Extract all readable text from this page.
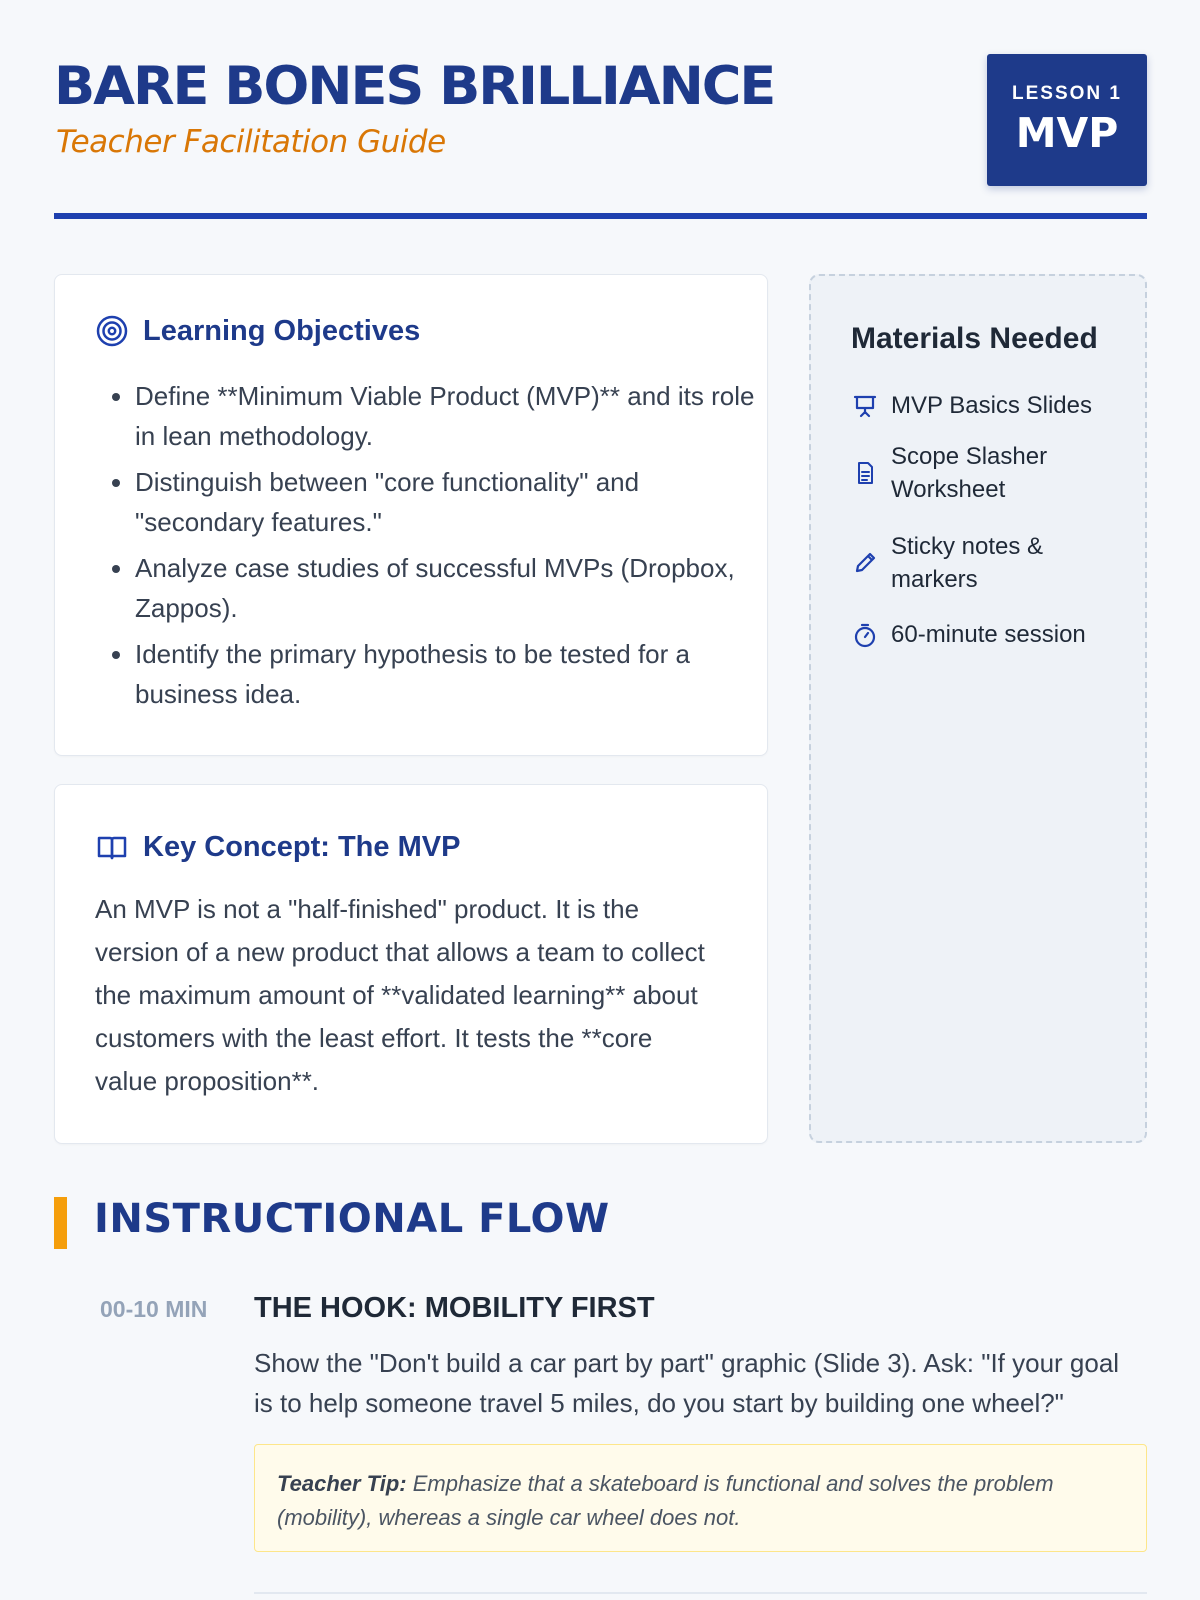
BARE BONES BRILLIANCE

Teacher Facilitation Guide

LESSON 1
MVP
Learning Objectives
• Define **Minimum Viable Product (MVP)** and its role in lean methodology.
• Distinguish between "core functionality" and "secondary features."
• Analyze case studies of successful MVPs (Dropbox, Zappos).
• Identify the primary hypothesis to be tested for a business idea.
Key Concept: The MVP

An MVP is not a "half-finished" product. It is the version of a new product that allows a team to collect the maximum amount of **validated learning** about customers with the least effort. It tests the **core value proposition**.

Materials Needed
MVP Basics Slides
Scope Slasher Worksheet
Sticky notes & markers
60-minute session
INSTRUCTIONAL FLOW
00-10 MIN THE HOOK: MOBILITY FIRST

Show the "Don't build a car part by part" graphic (Slide 3). Ask: "If your goal is to help someone travel 5 miles, do you start by building one wheel?"

Teacher Tip: Emphasize that a skateboard is functional and solves the problem (mobility), whereas a single car wheel does not.
